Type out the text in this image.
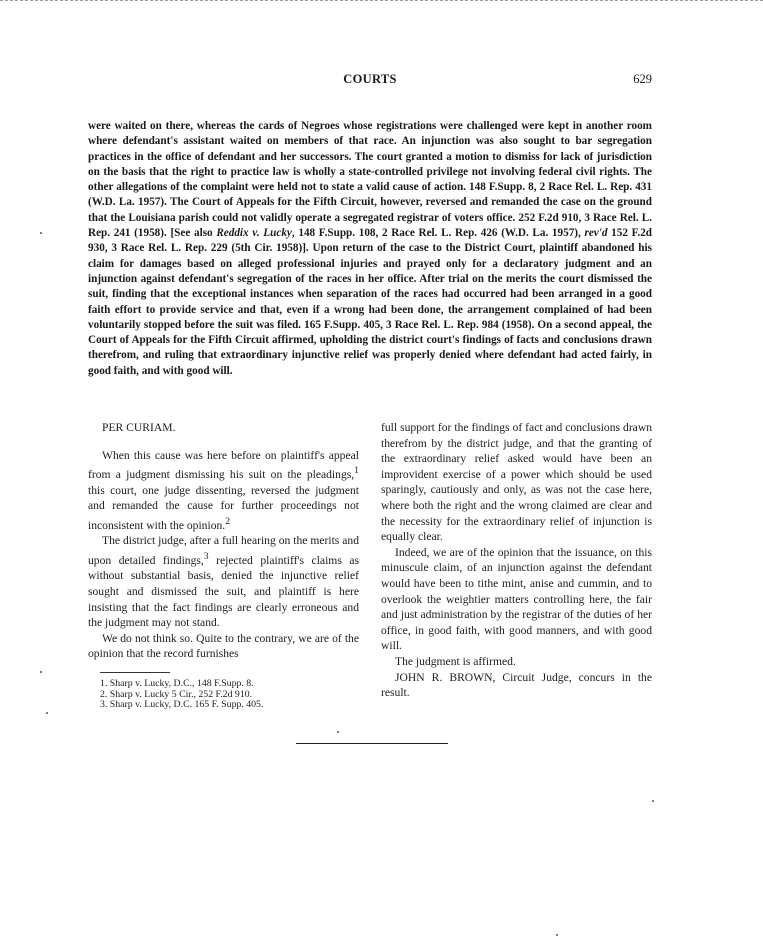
COURTS	629
were waited on there, whereas the cards of Negroes whose registrations were challenged were kept in another room where defendant's assistant waited on members of that race. An injunction was also sought to bar segregation practices in the office of defendant and her successors. The court granted a motion to dismiss for lack of jurisdiction on the basis that the right to practice law is wholly a state-controlled privilege not involving federal civil rights. The other allegations of the complaint were held not to state a valid cause of action. 148 F.Supp. 8, 2 Race Rel. L. Rep. 431 (W.D. La. 1957). The Court of Appeals for the Fifth Circuit, however, reversed and remanded the case on the ground that the Louisiana parish could not validly operate a segregated registrar of voters office. 252 F.2d 910, 3 Race Rel. L. Rep. 241 (1958). [See also Reddix v. Lucky, 148 F.Supp. 108, 2 Race Rel. L. Rep. 426 (W.D. La. 1957), rev'd 152 F.2d 930, 3 Race Rel. L. Rep. 229 (5th Cir. 1958)]. Upon return of the case to the District Court, plaintiff abandoned his claim for damages based on alleged professional injuries and prayed only for a declaratory judgment and an injunction against defendant's segregation of the races in her office. After trial on the merits the court dismissed the suit, finding that the exceptional instances when separation of the races had occurred had been arranged in a good faith effort to provide service and that, even if a wrong had been done, the arrangement complained of had been voluntarily stopped before the suit was filed. 165 F.Supp. 405, 3 Race Rel. L. Rep. 984 (1958). On a second appeal, the Court of Appeals for the Fifth Circuit affirmed, upholding the district court's findings of facts and conclusions drawn therefrom, and ruling that extraordinary injunctive relief was properly denied where defendant had acted fairly, in good faith, and with good will.

PER CURIAM.

When this cause was here before on plaintiff's appeal from a judgment dismissing his suit on the pleadings,$^1$ this court, one judge dissenting, reversed the judgment and remanded the cause for further proceedings not inconsistent with the opinion.$^2$

The district judge, after a full hearing on the merits and upon detailed findings,$^3$ rejected plaintiff's claims as without substantial basis, denied the injunctive relief sought and dismissed the suit, and plaintiff is here insisting that the fact findings are clearly erroneous and the judgment may not stand.

We do not think so. Quite to the contrary, we are of the opinion that the record furnishes

1. Sharp v. Lucky, D.C., 148 F.Supp. 8.
2. Sharp v. Lucky 5 Cir., 252 F.2d 910.
3. Sharp v. Lucky, D.C. 165 F. Supp. 405.

full support for the findings of fact and conclusions drawn therefrom by the district judge, and that the granting of the extraordinary relief asked would have been an improvident exercise of a power which should be used sparingly, cautiously and only, as was not the case here, where both the right and the wrong claimed are clear and the necessity for the extraordinary relief of injunction is equally clear.

Indeed, we are of the opinion that the issuance, on this minuscule claim, of an injunction against the defendant would have been to tithe mint, anise and cummin, and to overlook the weightier matters controlling here, the fair and just administration by the registrar of the duties of her office, in good faith, with good manners, and with good will.

The judgment is affirmed.

JOHN R. BROWN, Circuit Judge, concurs in the result.
